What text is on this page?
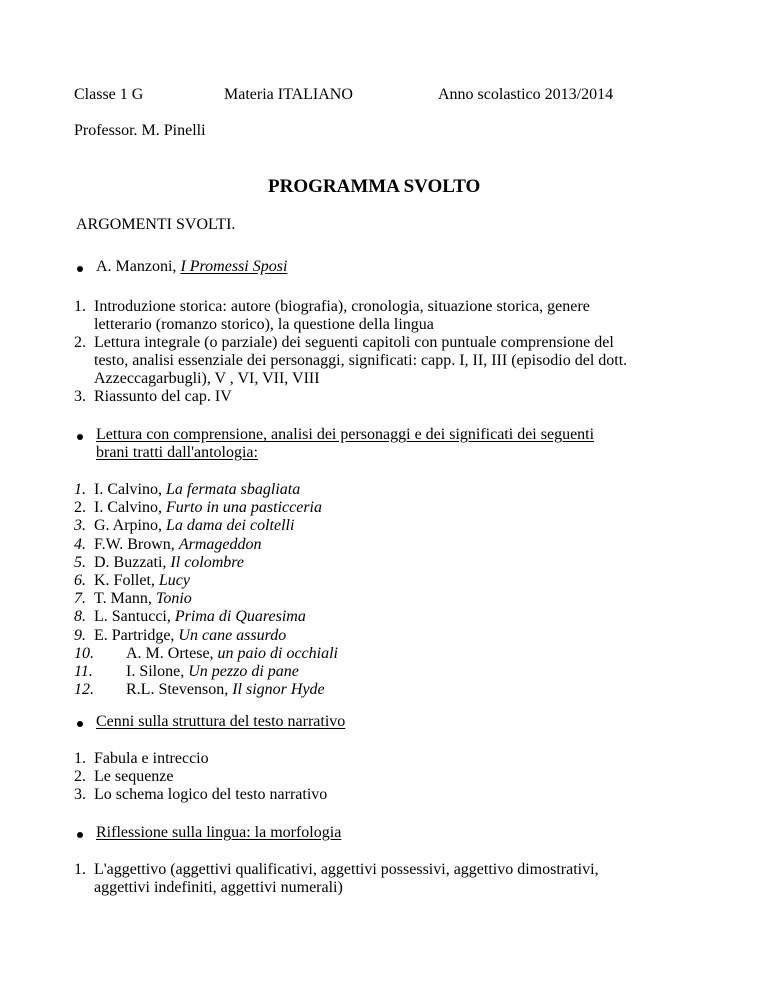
Classe 1 G	Materia ITALIANO	Anno scolastico 2013/2014
Professor. M. Pinelli
PROGRAMMA SVOLTO
ARGOMENTI SVOLTI.
A. Manzoni, I Promessi Sposi
1. Introduzione storica: autore (biografia), cronologia, situazione storica, genere
letterario (romanzo storico), la questione della lingua
2. Lettura integrale (o parziale) dei seguenti capitoli con puntuale comprensione del
testo, analisi essenziale dei personaggi, significati: capp. I, II, III (episodio del dott.
Azzeccagarbugli), V , VI, VII, VIII
3. Riassunto del cap. IV
Lettura con comprensione, analisi dei personaggi e dei significati dei seguenti
brani tratti dall'antologia:
1. I. Calvino, La fermata sbagliata
2. I. Calvino, Furto in una pasticceria
3. G. Arpino, La dama dei coltelli
4. F.W. Brown, Armageddon
5. D. Buzzati, Il colombre
6. K. Follet, Lucy
7. T. Mann, Tonio
8. L. Santucci, Prima di Quaresima
9. E. Partridge, Un cane assurdo
10. A. M. Ortese, un paio di occhiali
11. I. Silone, Un pezzo di pane
12. R.L. Stevenson, Il signor Hyde
Cenni sulla struttura del testo narrativo
1. Fabula e intreccio
2. Le sequenze
3. Lo schema logico del testo narrativo
Riflessione sulla lingua: la morfologia
1. L'aggettivo (aggettivi qualificativi, aggettivi possessivi, aggettivo dimostrativi,
aggettivi indefiniti, aggettivi numerali)
